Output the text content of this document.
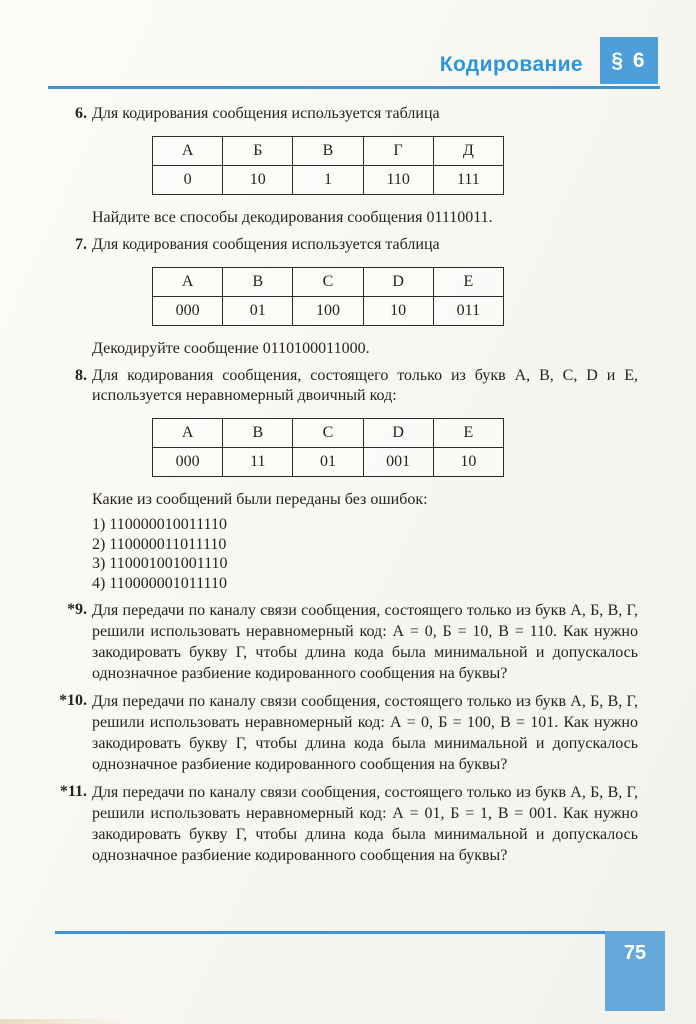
Кодирование	§ 6
6. Для кодирования сообщения используется таблица

А	Б	В	Г	Д
0	10	1	110	111

Найдите все способы декодирования сообщения 01110011.

7. Для кодирования сообщения используется таблица

A	B	C	D	E
000	01	100	10	011

Декодируйте сообщение 0110100011000.

8. Для кодирования сообщения, состоящего только из букв A, B, C, D и E, используется неравномерный двоичный код:

A	B	C	D	E
000	11	01	001	10

Какие из сообщений были переданы без ошибок:

1) 110000010011110
2) 110000011011110
3) 110001001001110
4) 110000001011110
*9. Для передачи по каналу связи сообщения, состоящего только из букв А, Б, В, Г, решили использовать неравномерный код: А = 0, Б = 10, В = 110. Как нужно закодировать букву Г, чтобы длина кода была минимальной и допускалось однозначное разбиение кодированного сообщения на буквы?

*10. Для передачи по каналу связи сообщения, состоящего только из букв А, Б, В, Г, решили использовать неравномерный код: А = 0, Б = 100, В = 101. Как нужно закодировать букву Г, чтобы длина кода была минимальной и допускалось однозначное разбиение кодированного сообщения на буквы?

*11. Для передачи по каналу связи сообщения, состоящего только из букв А, Б, В, Г, решили использовать неравномерный код: А = 01, Б = 1, В = 001. Как нужно закодировать букву Г, чтобы длина кода была минимальной и допускалось однозначное разбиение кодированного сообщения на буквы?

75
